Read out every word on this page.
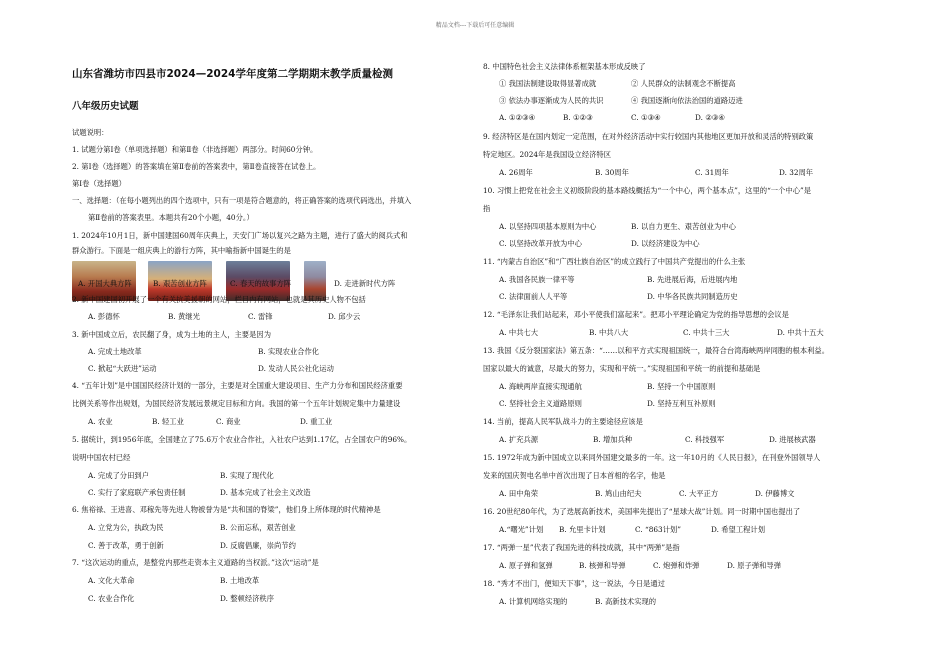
精品文档---下载后可任意编辑
山东省潍坊市四县市2024—2024学年度第二学期期末教学质量检测
八年级历史试题
试题说明：
1. 试题分第Ⅰ卷（单项选择题）和第Ⅱ卷（非选择题）两部分。时间60分钟。
2. 第Ⅰ卷（选择题）的答案填在第Ⅱ卷前的答案表中，第Ⅱ卷直接答在试卷上。
第Ⅰ卷（选择题）
一、选择题：（在每小题列出的四个选项中，只有一项是符合题意的，将正确答案的选项代码选出，并填入
第Ⅱ卷前的答案表里。本题共有20个小题，40分。）
1. 2024年10月1日，新中国建国60周年庆典上，天安门广场以复兴之路为主题，进行了盛大的阅兵式和
群众游行。下面是一组庆典上的游行方阵，其中喻指新中国诞生的是
A. 开国大典方阵	B. 艰苦创业方阵	C. 春天的故事方阵	D. 走进新时代方阵
2. 新中国建国初开展了一个有关抗美援朝的网站，栏目内有网站，也就是其历史人物不包括
A. 彭德怀	B. 黄继光	C. 雷锋	D. 邱少云
3. 新中国成立后，农民翻了身，成为土地的主人，主要是因为
A. 完成土地改革	B. 实现农业合作化
C. 掀起“大跃进”运动	D. 发动人民公社化运动
4. “五年计划”是中国国民经济计划的一部分，主要是对全国重大建设项目、生产力分布和国民经济重要
比例关系等作出规划，为国民经济发展远景规定目标和方向。我国的第一个五年计划规定集中力量建设
A. 农业	B. 轻工业	C. 商业	D. 重工业
5. 据统计，到1956年底，全国建立了75.6万个农业合作社，入社农户达到1.17亿，占全国农户的96%。
说明中国农村已经
A. 完成了分田到户	B. 实现了现代化
C. 实行了家庭联产承包责任制	D. 基本完成了社会主义改造
6. 焦裕禄、王进喜、邓稼先等先进人物被誉为是“共和国的脊梁”，他们身上所体现的时代精神是
A. 立党为公，执政为民	B. 公而忘私，艰苦创业
C. 善于改革，勇于创新	D. 反腐倡廉，崇尚节约
7. “这次运动的重点，是整党内那些走资本主义道路的当权派。”这次“运动”是
A. 文化大革命	B. 土地改革
C. 农业合作化	D. 整顿经济秩序
8. 中国特色社会主义法律体系框架基本形成反映了
① 我国法制建设取得显著成就	② 人民群众的法制观念不断提高
③ 依法办事逐渐成为人民的共识	④ 我国逐渐向依法治国的道路迈进
A. ①②③④	B. ①②③	C. ①③④	D. ②③④
9. 经济特区是在国内划定一定范围，在对外经济活动中实行较国内其他地区更加开放和灵活的特别政策
特定地区。2024年是我国设立经济特区
A. 26周年	B. 30周年	C. 31周年	D. 32周年
10. 习惯上把党在社会主义初级阶段的基本路线概括为“一个中心，两个基本点”，这里的“一个中心”是
指
A. 以坚持四项基本原则为中心	B. 以自力更生、艰苦创业为中心
C. 以坚持改革开放为中心	D. 以经济建设为中心
11. “内蒙古自治区”和“广西壮族自治区”的成立践行了中国共产党提出的什么主张
A. 我国各民族一律平等	B. 先进展后海，后进展内地
C. 法律面前人人平等	D. 中华各民族共同制造历史
12. “毛泽东让我们站起来，邓小平使我们富起来”。把邓小平理论确定为党的指导思想的会议是
A. 中共七大	B. 中共八大	C. 中共十三大	D. 中共十五大
13. 我国《反分裂国家法》第五条：“……以和平方式实现祖国统一，最符合台湾海峡两岸同胞的根本利益。
国家以最大的诚意，尽最大的努力，实现和平统一。”实现祖国和平统一的前提和基础是
A. 海峡两岸直接实现通航	B. 坚持一个中国原则
C. 坚持社会主义道路原则	D. 坚持互利互补原则
14. 当前，提高人民军队战斗力的主要途径应该是
A. 扩充兵源	B. 增加兵种	C. 科技强军	D. 进展核武器
15. 1972年成为新中国成立以来同外国建交最多的一年。这一年10月的《人民日报》，在刊登外国领导人
发来的国庆贺电名单中首次出现了日本首相的名字，他是
A. 田中角荣	B. 鸠山由纪夫	C. 大平正方	D. 伊藤博文
16. 20世纪80年代，为了迭展高新技术，美国率先提出了“星球大战”计划。同一时期中国也提出了
A.“曙光”计划 B. 允里卡计划	C. “863计划”	D. 希望工程计划
17. “两弹一星”代表了我国先进的科技成就，其中“两弹”是指
A. 原子弹和氢弹	B. 核弹和导弹	C. 炮弹和炸弹	D. 原子弹和导弹
18. “秀才不出门，便知天下事”，这一说法，今日是通过
A. 计算机网络实现的	B. 高新技术实现的
